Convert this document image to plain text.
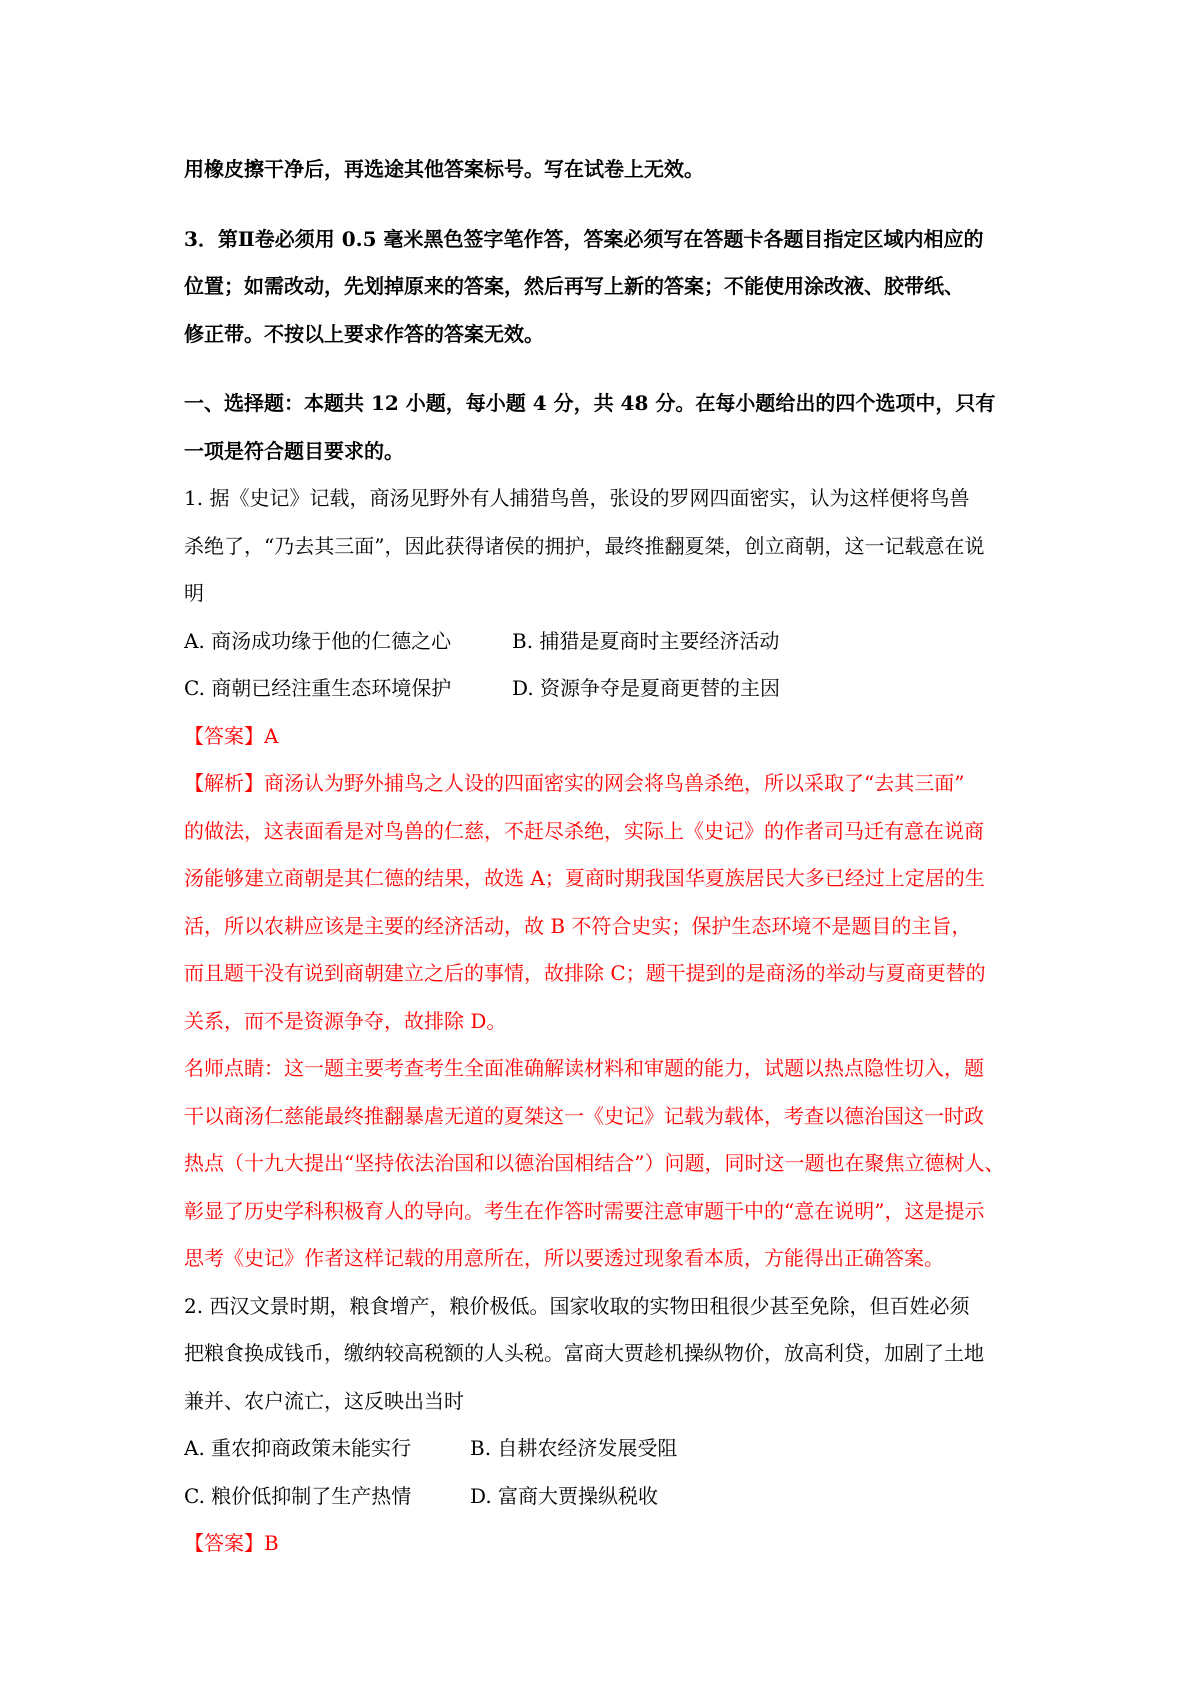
用橡皮擦干净后，再选途其他答案标号。写在试卷上无效。
3．第Ⅱ卷必须用 0.5 毫米黑色签字笔作答，答案必须写在答题卡各题目指定区域内相应的
位置；如需改动，先划掉原来的答案，然后再写上新的答案；不能使用涂改液、胶带纸、
修正带。不按以上要求作答的答案无效。
一、选择题：本题共 12 小题，每小题 4 分，共 48 分。在每小题给出的四个选项中，只有
一项是符合题目要求的。
1. 据《史记》记载，商汤见野外有人捕猎鸟兽，张设的罗网四面密实，认为这样便将鸟兽
杀绝了，“乃去其三面”，因此获得诸侯的拥护，最终推翻夏桀，创立商朝，这一记载意在说
明
A. 商汤成功缘于他的仁德之心	B. 捕猎是夏商时主要经济活动
C. 商朝已经注重生态环境保护	D. 资源争夺是夏商更替的主因
【答案】A
【解析】商汤认为野外捕鸟之人设的四面密实的网会将鸟兽杀绝，所以采取了“去其三面”
的做法，这表面看是对鸟兽的仁慈，不赶尽杀绝，实际上《史记》的作者司马迁有意在说商
汤能够建立商朝是其仁德的结果，故选 A；夏商时期我国华夏族居民大多已经过上定居的生
活，所以农耕应该是主要的经济活动，故 B 不符合史实；保护生态环境不是题目的主旨，
而且题干没有说到商朝建立之后的事情，故排除 C；题干提到的是商汤的举动与夏商更替的
关系，而不是资源争夺，故排除 D。
名师点睛：这一题主要考查考生全面准确解读材料和审题的能力，试题以热点隐性切入，题
干以商汤仁慈能最终推翻暴虐无道的夏桀这一《史记》记载为载体，考查以德治国这一时政
热点（十九大提出“坚持依法治国和以德治国相结合”）问题，同时这一题也在聚焦立德树人、
彰显了历史学科积极育人的导向。考生在作答时需要注意审题干中的“意在说明”，这是提示
思考《史记》作者这样记载的用意所在，所以要透过现象看本质，方能得出正确答案。
2. 西汉文景时期，粮食增产，粮价极低。国家收取的实物田租很少甚至免除，但百姓必须
把粮食换成钱币，缴纳较高税额的人头税。富商大贾趁机操纵物价，放高利贷，加剧了土地
兼并、农户流亡，这反映出当时
A. 重农抑商政策未能实行	B. 自耕农经济发展受阻
C. 粮价低抑制了生产热情	D. 富商大贾操纵税收
【答案】B
